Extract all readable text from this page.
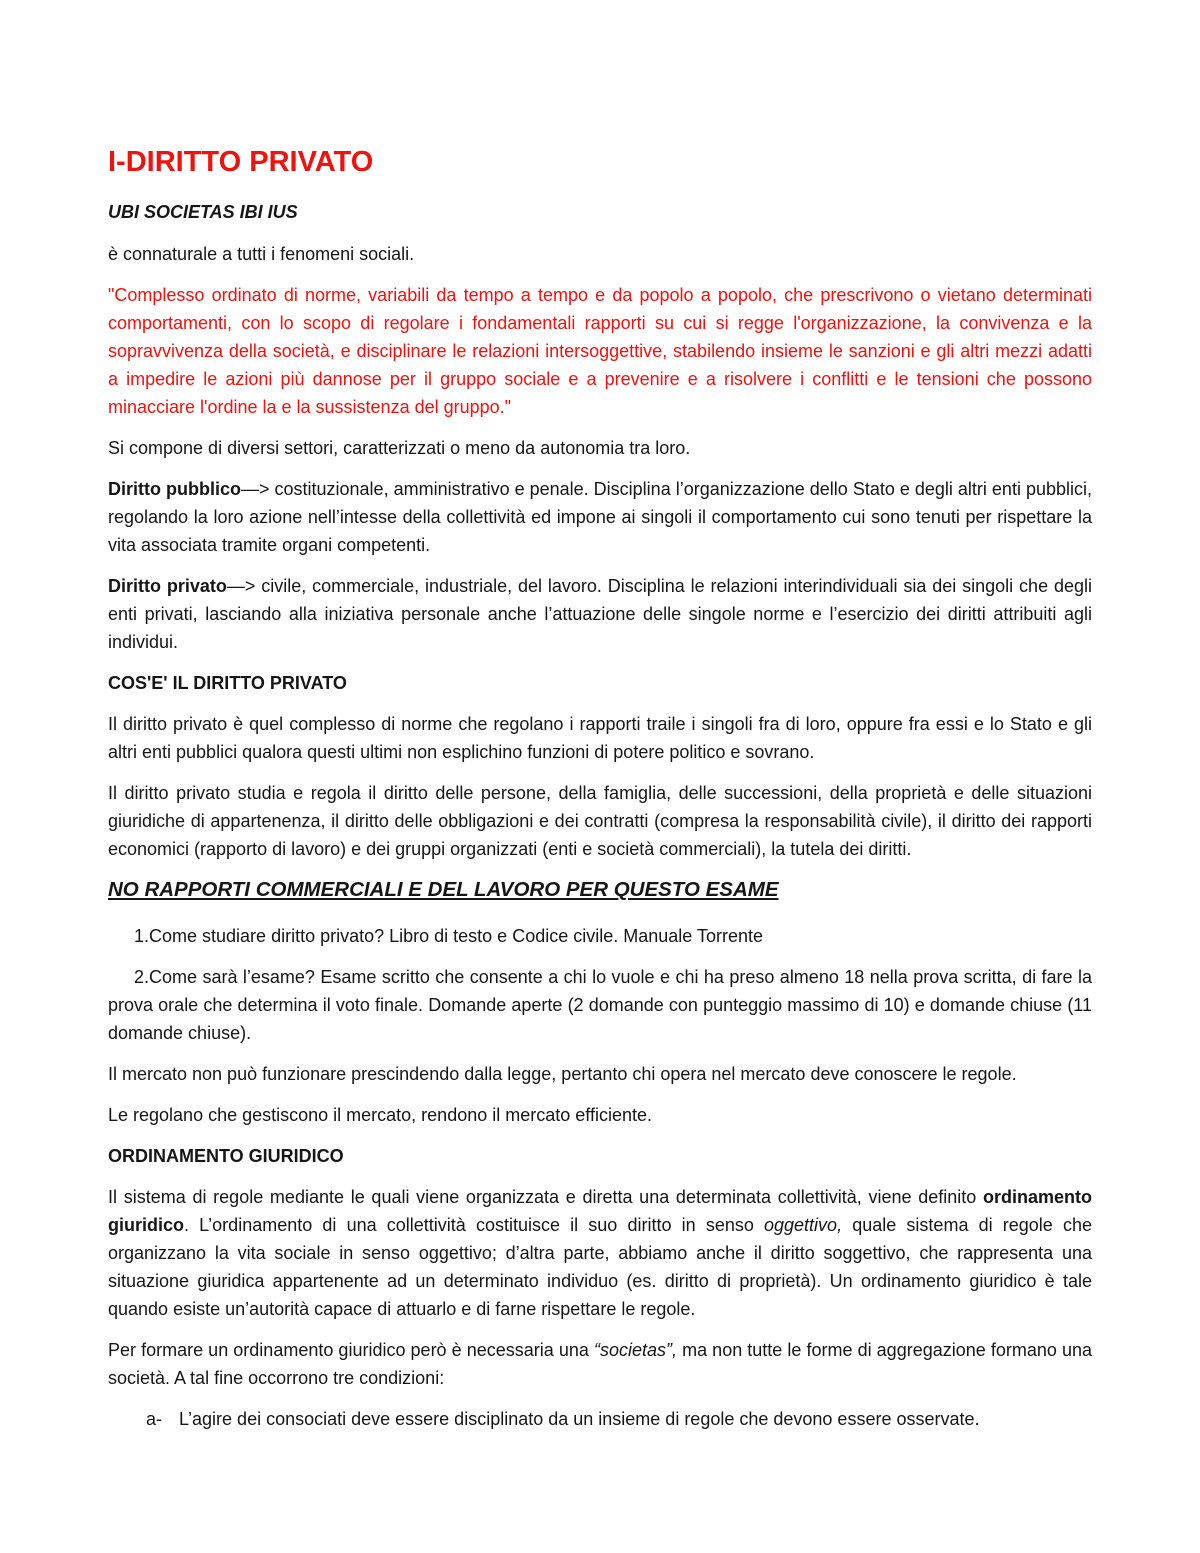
I-DIRITTO PRIVATO

UBI SOCIETAS IBI IUS

è connaturale a tutti i fenomeni sociali.

"Complesso ordinato di norme, variabili da tempo a tempo e da popolo a popolo, che prescrivono o vietano determinati comportamenti, con lo scopo di regolare i fondamentali rapporti su cui si regge l'organizzazione, la convivenza e la sopravvivenza della società, e disciplinare le relazioni intersoggettive, stabilendo insieme le sanzioni e gli altri mezzi adatti a impedire le azioni più dannose per il gruppo sociale e a prevenire e a risolvere i conflitti e le tensioni che possono minacciare l'ordine la e la sussistenza del gruppo."

Si compone di diversi settori, caratterizzati o meno da autonomia tra loro.

Diritto pubblico—> costituzionale, amministrativo e penale. Disciplina l’organizzazione dello Stato e degli altri enti pubblici, regolando la loro azione nell’intesse della collettività ed impone ai singoli il comportamento cui sono tenuti per rispettare la vita associata tramite organi competenti.

Diritto privato—> civile, commerciale, industriale, del lavoro. Disciplina le relazioni interindividuali sia dei singoli che degli enti privati, lasciando alla iniziativa personale anche l’attuazione delle singole norme e l’esercizio dei diritti attribuiti agli individui.

COS'E' IL DIRITTO PRIVATO

Il diritto privato è quel complesso di norme che regolano i rapporti traile i singoli fra di loro, oppure fra essi e lo Stato e gli altri enti pubblici qualora questi ultimi non esplichino funzioni di potere politico e sovrano.

Il diritto privato studia e regola il diritto delle persone, della famiglia, delle successioni, della proprietà e delle situazioni giuridiche di appartenenza, il diritto delle obbligazioni e dei contratti (compresa la responsabilità civile), il diritto dei rapporti economici (rapporto di lavoro) e dei gruppi organizzati (enti e società commerciali), la tutela dei diritti.

NO RAPPORTI COMMERCIALI E DEL LAVORO PER QUESTO ESAME

1.Come studiare diritto privato? Libro di testo e Codice civile. Manuale Torrente

2.Come sarà l’esame? Esame scritto che consente a chi lo vuole e chi ha preso almeno 18 nella prova scritta, di fare la prova orale che determina il voto finale. Domande aperte (2 domande con punteggio massimo di 10) e domande chiuse (11 domande chiuse).

Il mercato non può funzionare prescindendo dalla legge, pertanto chi opera nel mercato deve conoscere le regole.

Le regolano che gestiscono il mercato, rendono il mercato efficiente.

ORDINAMENTO GIURIDICO

Il sistema di regole mediante le quali viene organizzata e diretta una determinata collettività, viene definito ordinamento giuridico. L’ordinamento di una collettività costituisce il suo diritto in senso oggettivo, quale sistema di regole che organizzano la vita sociale in senso oggettivo; d’altra parte, abbiamo anche il diritto soggettivo, che rappresenta una situazione giuridica appartenente ad un determinato individuo (es. diritto di proprietà). Un ordinamento giuridico è tale quando esiste un’autorità capace di attuarlo e di farne rispettare le regole.

Per formare un ordinamento giuridico però è necessaria una “societas”, ma non tutte le forme di aggregazione formano una società. A tal fine occorrono tre condizioni:

a- L’agire dei consociati deve essere disciplinato da un insieme di regole che devono essere osservate.
